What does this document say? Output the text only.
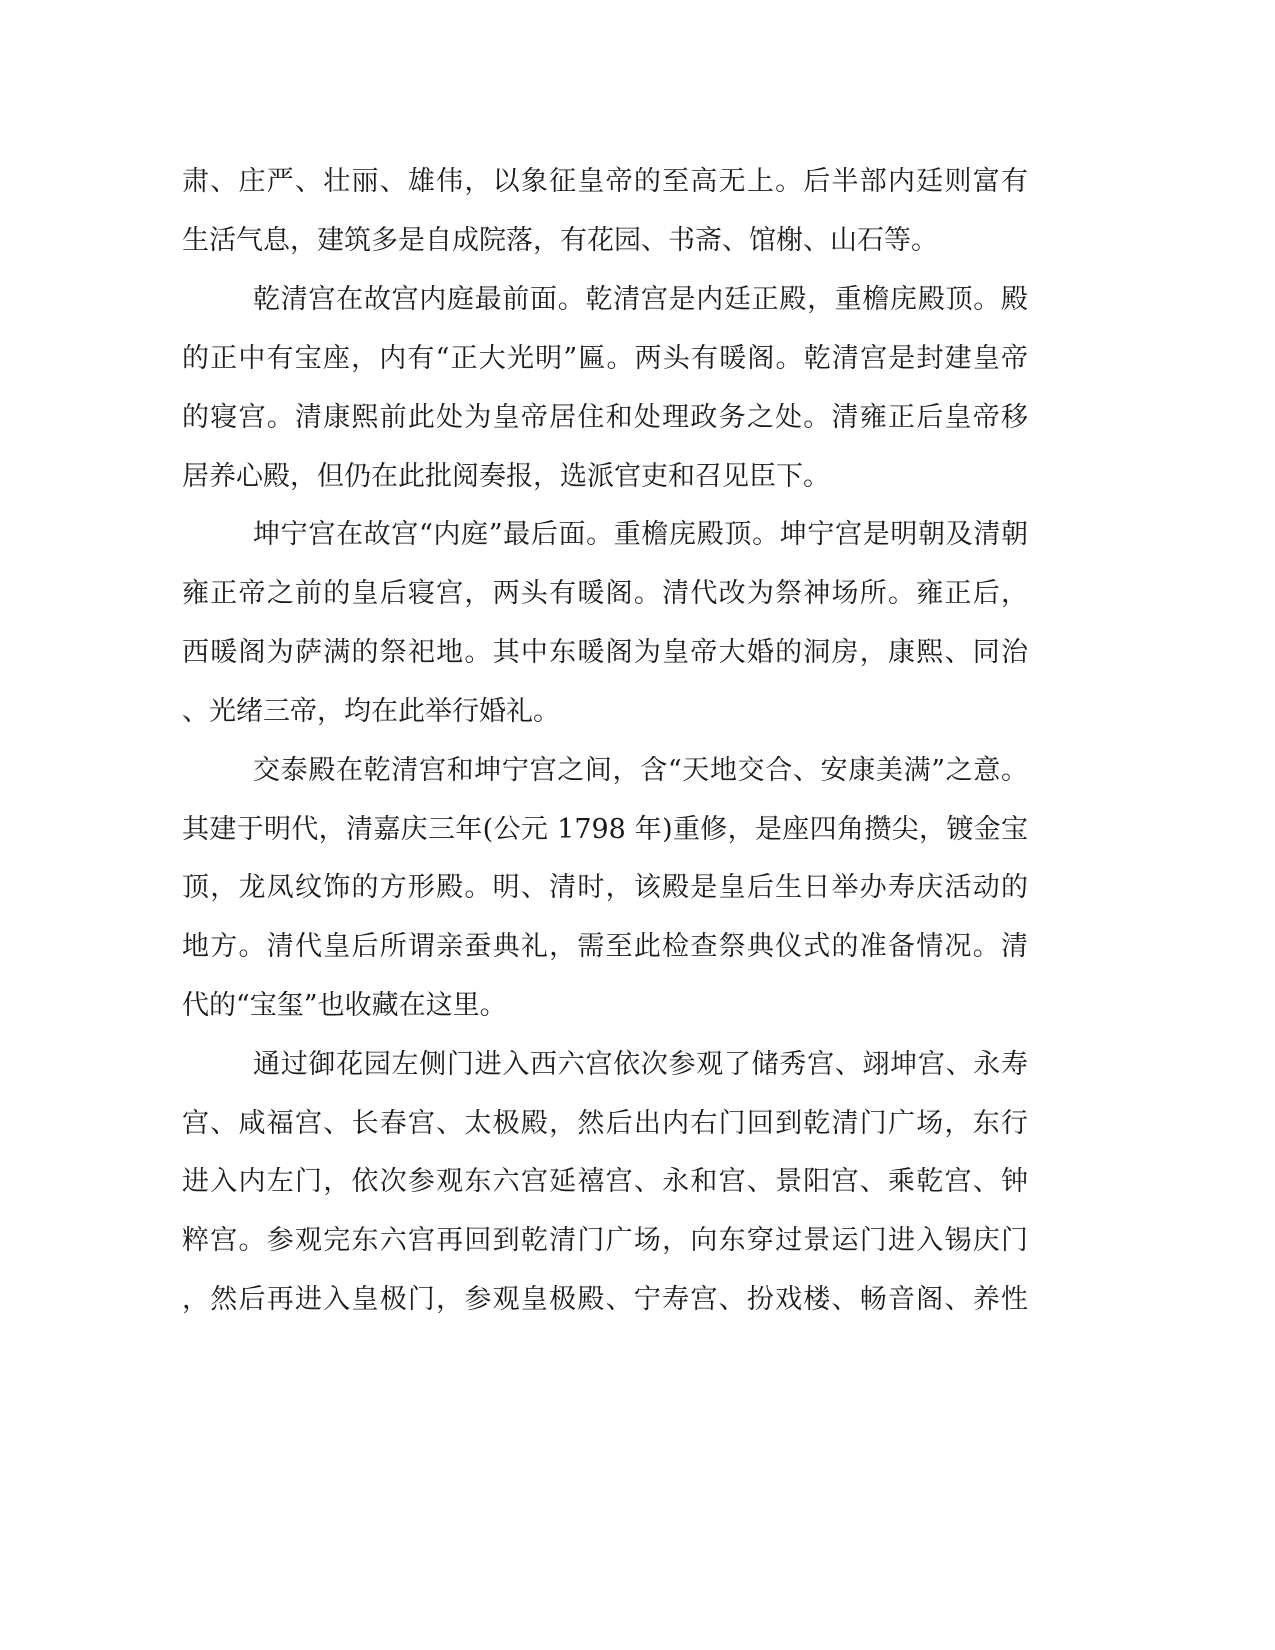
肃、庄严、壮丽、雄伟，以象征皇帝的至高无上。后半部内廷则富有

生活气息，建筑多是自成院落，有花园、书斋、馆榭、山石等。

乾清宫在故宫内庭最前面。乾清宫是内廷正殿，重檐庑殿顶。殿

的正中有宝座，内有“正大光明”匾。两头有暖阁。乾清宫是封建皇帝

的寝宫。清康熙前此处为皇帝居住和处理政务之处。清雍正后皇帝移

居养心殿，但仍在此批阅奏报，选派官吏和召见臣下。

坤宁宫在故宫“内庭”最后面。重檐庑殿顶。坤宁宫是明朝及清朝

雍正帝之前的皇后寝宫，两头有暖阁。清代改为祭神场所。雍正后，

西暖阁为萨满的祭祀地。其中东暖阁为皇帝大婚的洞房，康熙、同治

、光绪三帝，均在此举行婚礼。

交泰殿在乾清宫和坤宁宫之间，含“天地交合、安康美满”之意。

其建于明代，清嘉庆三年(公元 1798 年)重修，是座四角攒尖，镀金宝

顶，龙凤纹饰的方形殿。明、清时，该殿是皇后生日举办寿庆活动的

地方。清代皇后所谓亲蚕典礼，需至此检查祭典仪式的准备情况。清

代的“宝玺”也收藏在这里。

通过御花园左侧门进入西六宫依次参观了储秀宫、翊坤宫、永寿

宫、咸福宫、长春宫、太极殿，然后出内右门回到乾清门广场，东行

进入内左门，依次参观东六宫延禧宫、永和宫、景阳宫、乘乾宫、钟

粹宫。参观完东六宫再回到乾清门广场，向东穿过景运门进入锡庆门

，然后再进入皇极门，参观皇极殿、宁寿宫、扮戏楼、畅音阁、养性
